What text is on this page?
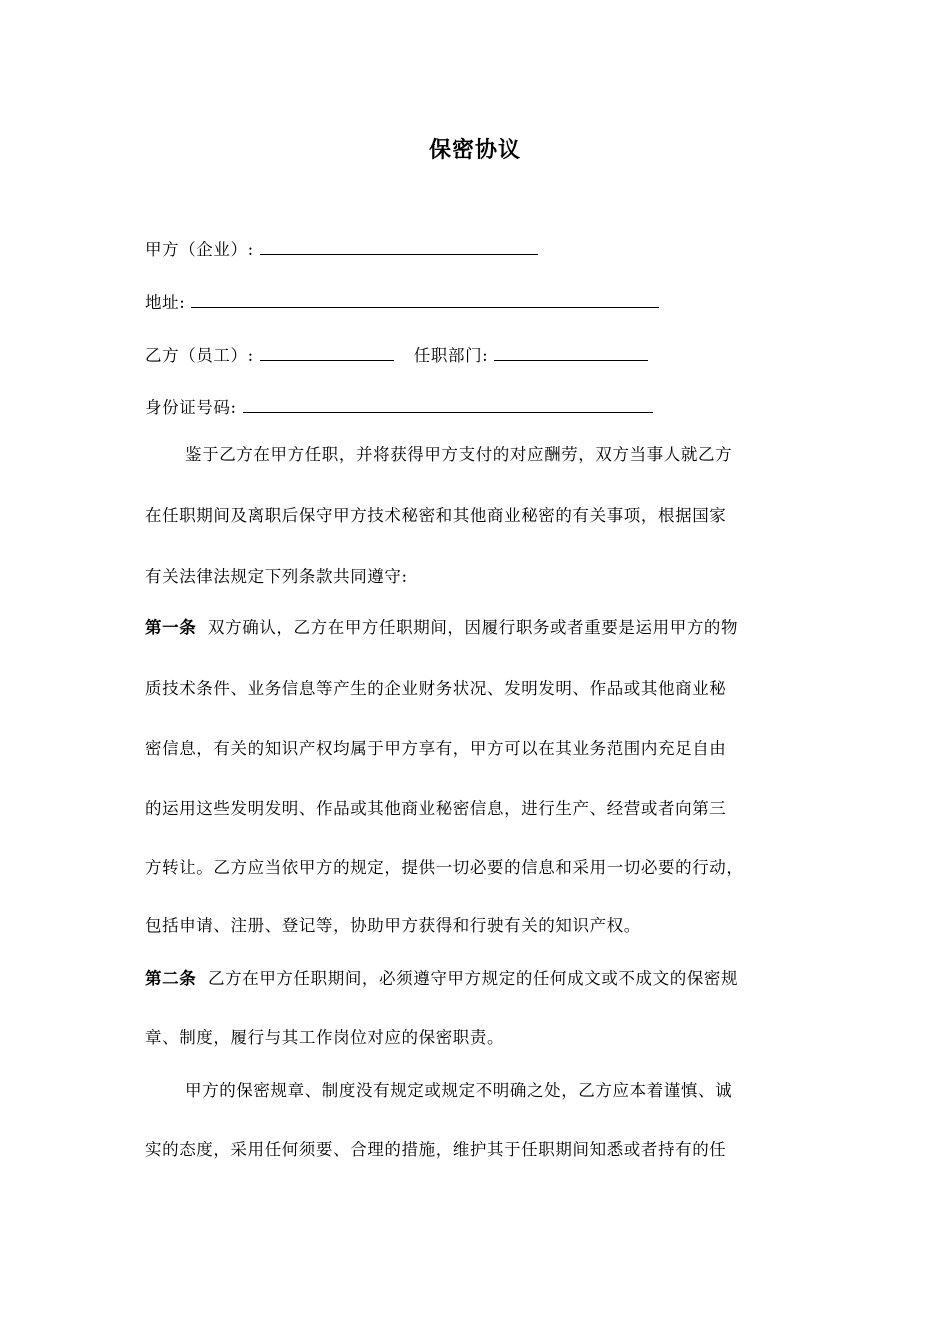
保密协议
甲方（企业）:
地址:
乙方（员工）:	任职部门:
身份证号码:
鉴于乙方在甲方任职，并将获得甲方支付的对应酬劳，双方当事人就乙方
在任职期间及离职后保守甲方技术秘密和其他商业秘密的有关事项，根据国家
有关法律法规定下列条款共同遵守:
第一条 双方确认，乙方在甲方任职期间，因履行职务或者重要是运用甲方的物
质技术条件、业务信息等产生的企业财务状况、发明发明、作品或其他商业秘
密信息，有关的知识产权均属于甲方享有，甲方可以在其业务范围内充足自由
的运用这些发明发明、作品或其他商业秘密信息，进行生产、经营或者向第三
方转让。乙方应当依甲方的规定，提供一切必要的信息和采用一切必要的行动，
包括申请、注册、登记等，协助甲方获得和行驶有关的知识产权。
第二条 乙方在甲方任职期间，必须遵守甲方规定的任何成文或不成文的保密规
章、制度，履行与其工作岗位对应的保密职责。
甲方的保密规章、制度没有规定或规定不明确之处，乙方应本着谨慎、诚
实的态度，采用任何须要、合理的措施，维护其于任职期间知悉或者持有的任
